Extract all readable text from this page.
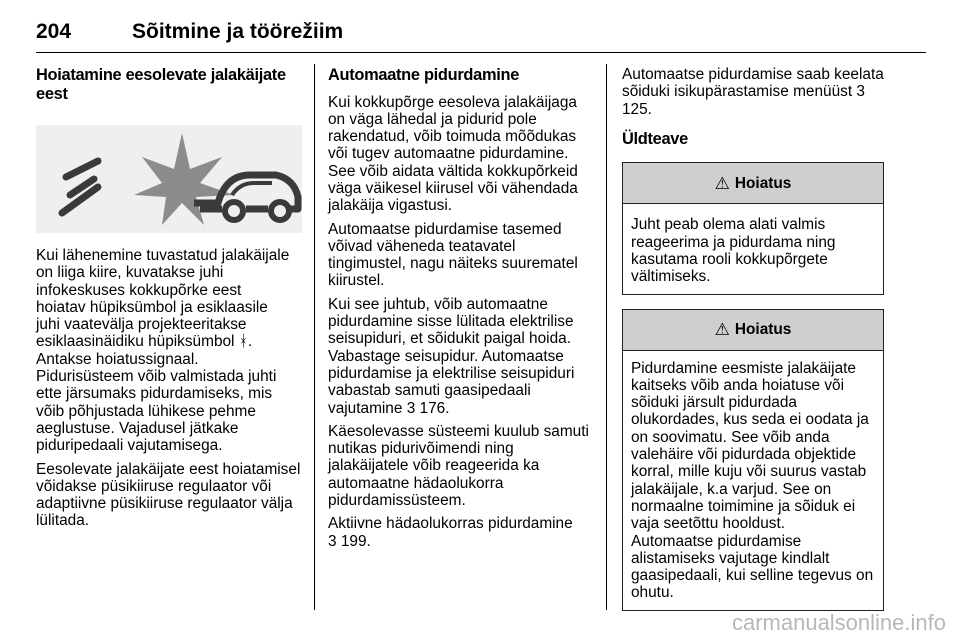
204	Sõitmine ja töörežiim
Hoiatamine eesolevate jalakäijate eest

Kui lähenemine tuvastatud jalakäijale
on liiga kiire, kuvatakse juhi
infokeskuses kokkupõrke eest
hoiatav hüpiksümbol ja esiklaasile
juhi vaatevälja projekteeritakse
esiklaasinäidiku hüpiksümbol ᚼ.
Antakse hoiatussignaal.
Pidurisüsteem võib valmistada juhti
ette järsumaks pidurdamiseks, mis
võib põhjustada lühikese pehme
aeglustuse. Vajadusel jätkake
piduripedaali vajutamisega.

Eesolevate jalakäijate eest hoiatamisel võidakse püsikiiruse regulaator või adaptiivne püsikiiruse regulaator välja lülitada.

Automaatne pidurdamine

Kui kokkupõrge eesoleva jalakäijaga on väga lähedal ja pidurid pole rakendatud, võib toimuda mõõdukas või tugev automaatne pidurdamine. See võib aidata vältida kokkupõrkeid väga väikesel kiirusel või vähendada jalakäija vigastusi.

Automaatse pidurdamise tasemed võivad väheneda teatavatel tingimustel, nagu näiteks suurematel kiirustel.

Kui see juhtub, võib automaatne pidurdamine sisse lülitada elektrilise seisupiduri, et sõidukit paigal hoida. Vabastage seisupidur. Automaatse pidurdamise ja elektrilise seisupiduri vabastab samuti gaasipedaali vajutamine 3 176.

Käesolevasse süsteemi kuulub samuti nutikas pidurivõimendi ning jalakäijatele võib reageerida ka automaatne hädaolukorra pidurdamissüsteem.

Aktiivne hädaolukorras pidurdamine
3 199.

Automaatse pidurdamise saab keelata sõiduki isikupärastamise menüüst 3 125.

Üldteave
⚠ Hoiatus
Juht peab olema alati valmis reageerima ja pidurdama ning kasutama rooli kokkupõrgete vältimiseks.
⚠ Hoiatus
Pidurdamine eesmiste jalakäijate kaitseks võib anda hoiatuse või sõiduki järsult pidurdada olukordades, kus seda ei oodata ja on soovimatu. See võib anda valehäire või pidurdada objektide korral, mille kuju või suurus vastab jalakäijale, k.a varjud. See on normaalne toimimine ja sõiduk ei vaja seetõttu hooldust.
Automaatse pidurdamise alistamiseks vajutage kindlalt gaasipedaali, kui selline tegevus on ohutu.
carmanualsonline.info
